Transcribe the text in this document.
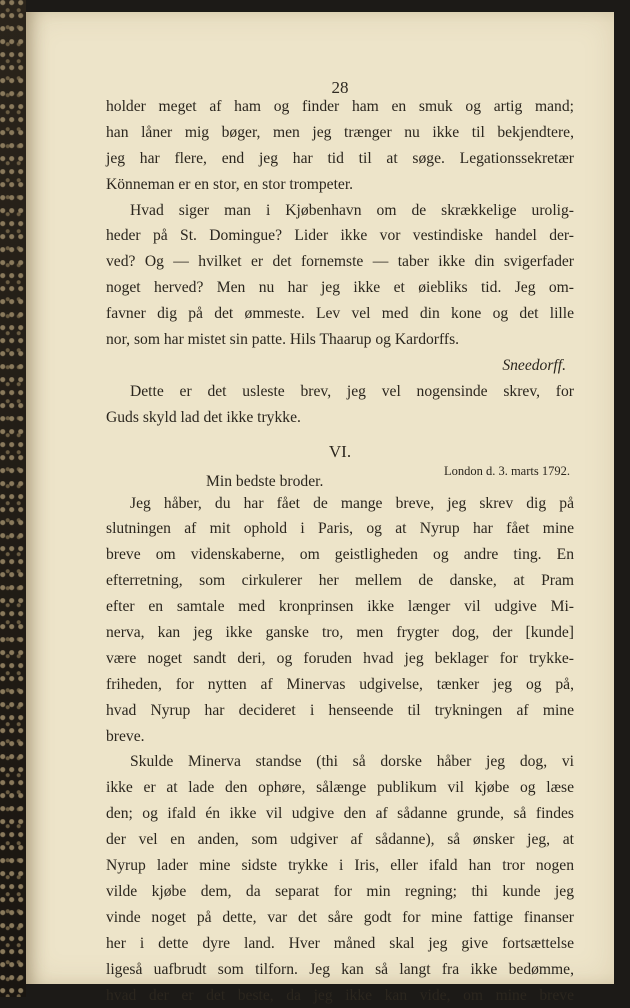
28
holder meget af ham og finder ham en smuk og artig mand;
han låner mig bøger, men jeg trænger nu ikke til bekjendtere,
jeg har flere, end jeg har tid til at søge. Legationssekretær
Könneman er en stor, en stor trompeter.
Hvad siger man i Kjøbenhavn om de skrækkelige urolig-
heder på St. Domingue? Lider ikke vor vestindiske handel der-
ved? Og — hvilket er det fornemste — taber ikke din svigerfader
noget herved? Men nu har jeg ikke et øiebliks tid. Jeg om-
favner dig på det ømmeste. Lev vel med din kone og det lille
nor, som har mistet sin patte. Hils Thaarup og Kardorffs.
Sneedorff.
Dette er det usleste brev, jeg vel nogensinde skrev, for
Guds skyld lad det ikke trykke.
VI.
London d. 3. marts 1792.
Min bedste broder.
Jeg håber, du har fået de mange breve, jeg skrev dig på
slutningen af mit ophold i Paris, og at Nyrup har fået mine
breve om videnskaberne, om geistligheden og andre ting. En
efterretning, som cirkulerer her mellem de danske, at Pram
efter en samtale med kronprinsen ikke længer vil udgive Mi-
nerva, kan jeg ikke ganske tro, men frygter dog, der [kunde]
være noget sandt deri, og foruden hvad jeg beklager for trykke-
friheden, for nytten af Minervas udgivelse, tænker jeg og på,
hvad Nyrup har decideret i henseende til trykningen af mine
breve.
Skulde Minerva standse (thi så dorske håber jeg dog, vi
ikke er at lade den ophøre, sålænge publikum vil kjøbe og læse
den; og ifald én ikke vil udgive den af sådanne grunde, så findes
der vel en anden, som udgiver af sådanne), så ønsker jeg, at
Nyrup lader mine sidste trykke i Iris, eller ifald han tror nogen
vilde kjøbe dem, da separat for min regning; thi kunde jeg
vinde noget på dette, var det såre godt for mine fattige finanser
her i dette dyre land. Hver måned skal jeg give fortsættelse
ligeså uafbrudt som tilforn. Jeg kan så langt fra ikke bedømme,
hvad der er det beste, da jeg ikke kan vide, om mine breve
